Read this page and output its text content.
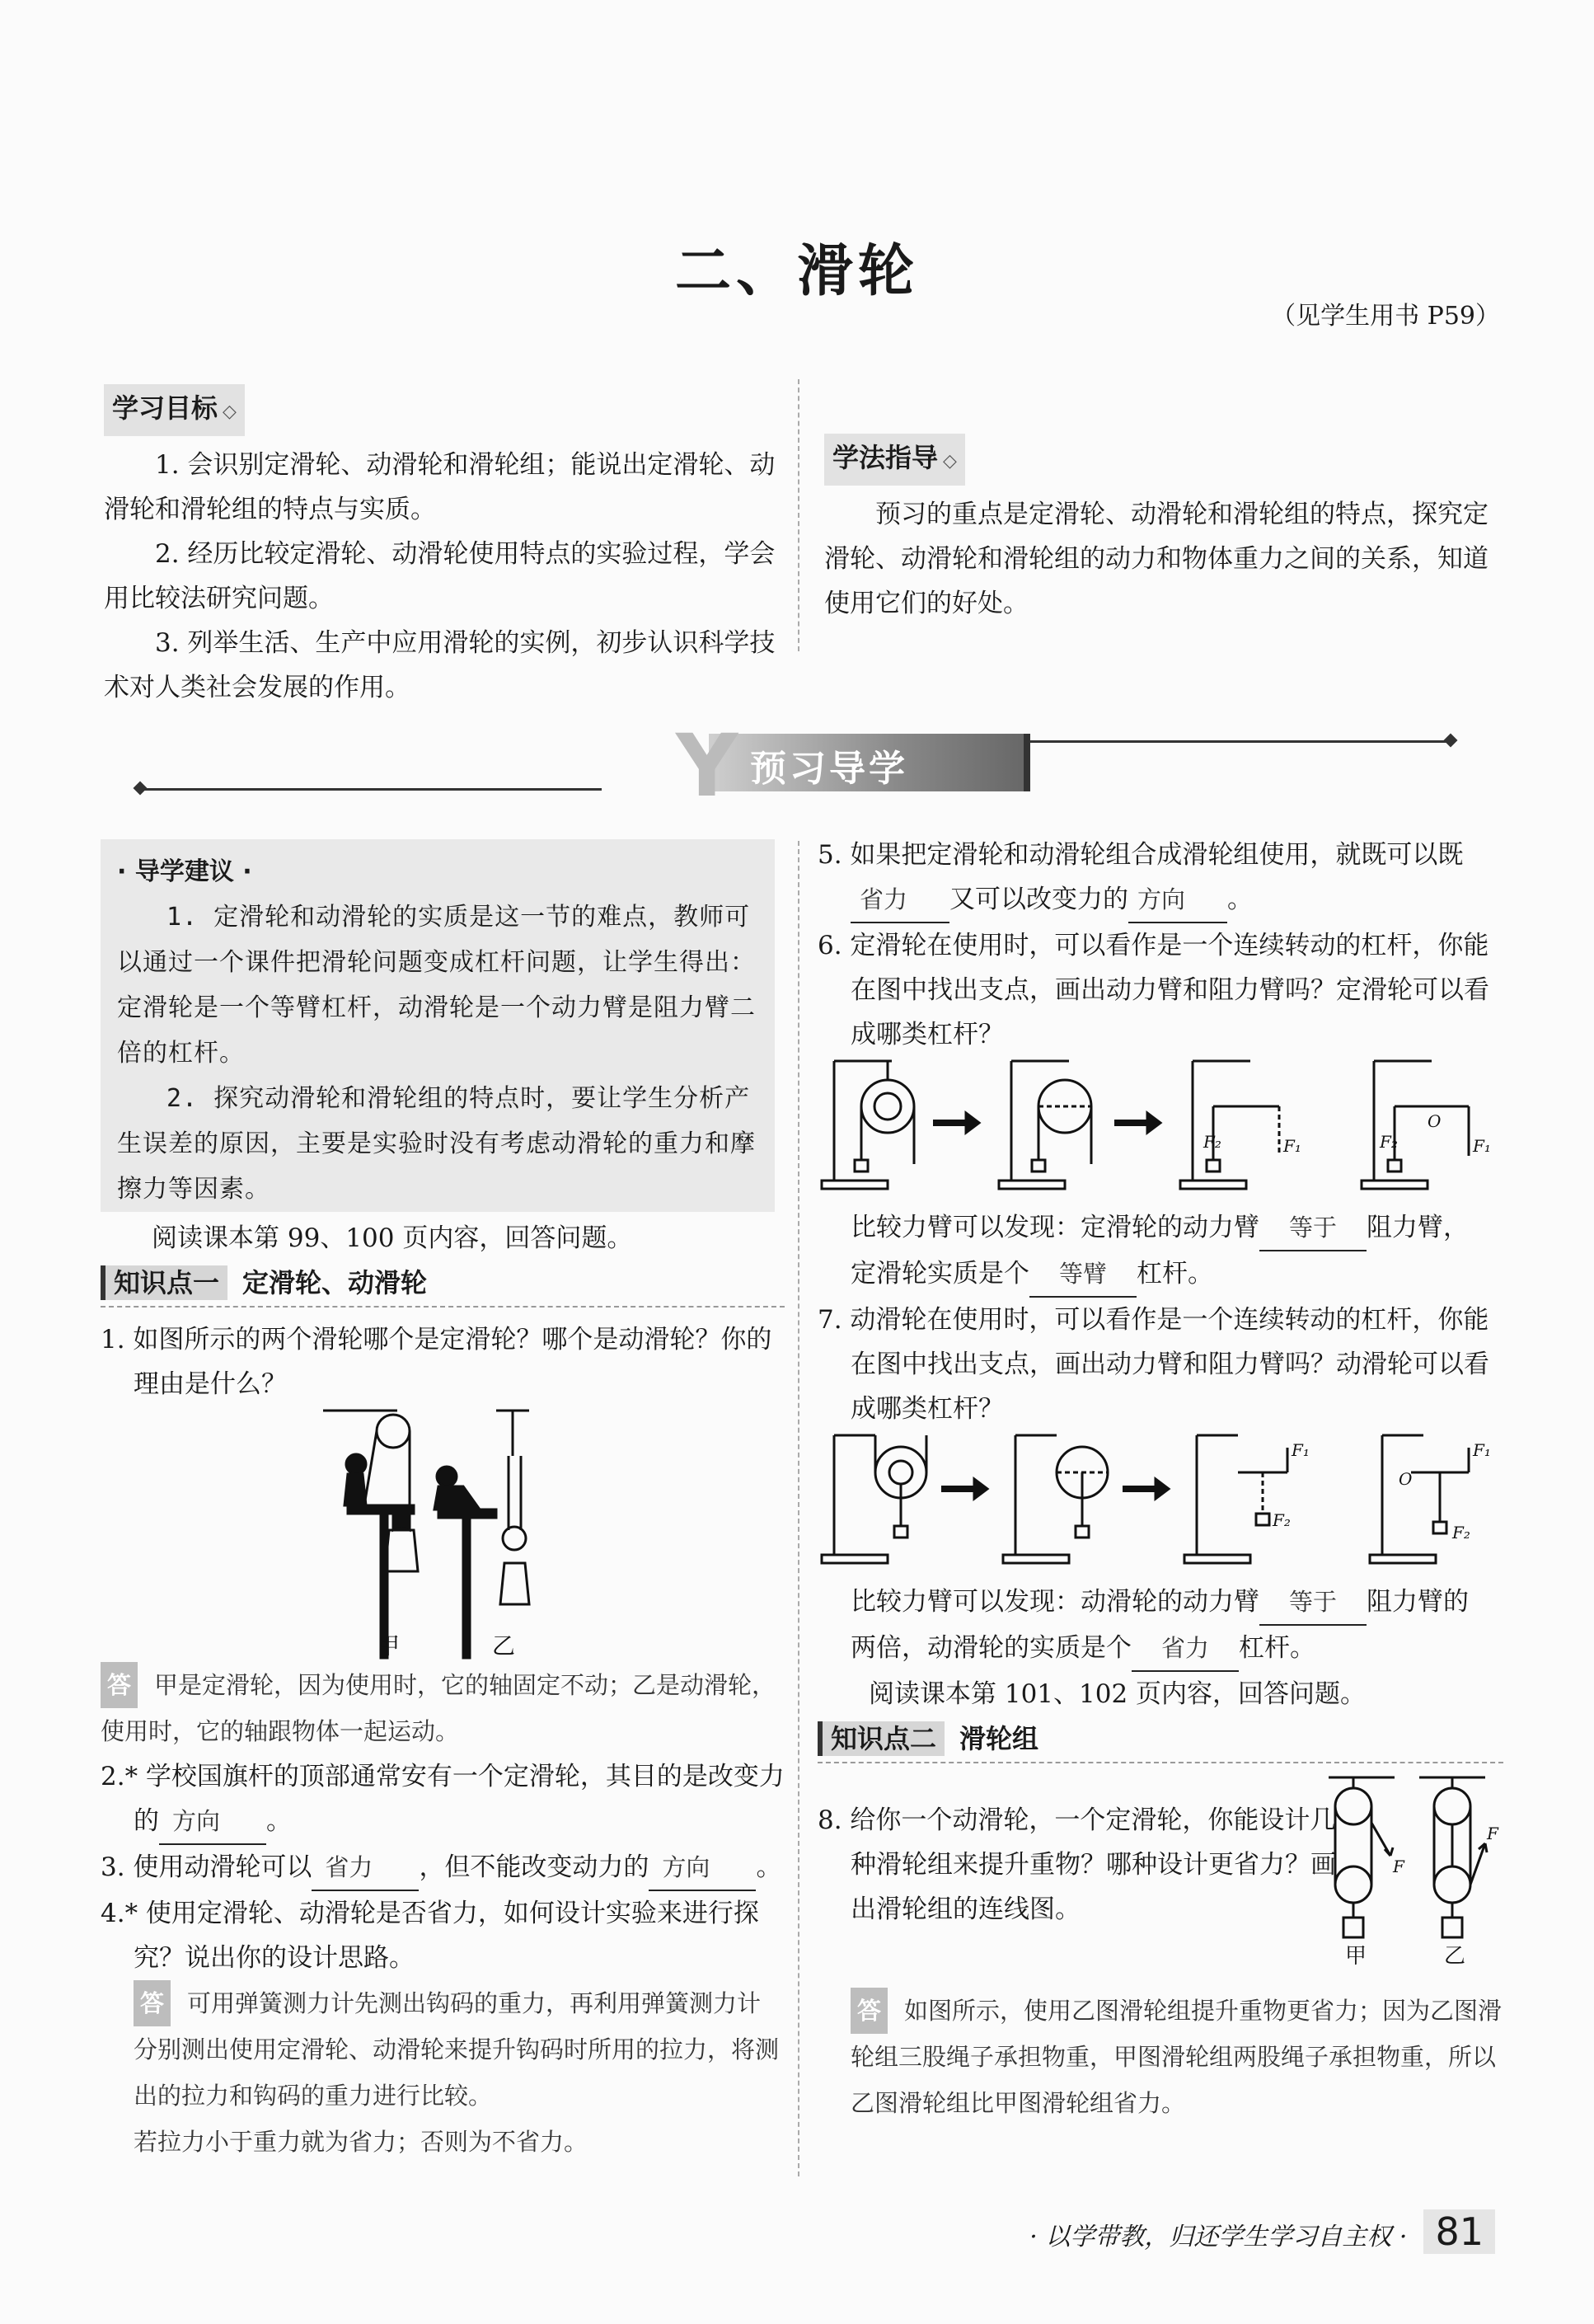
二、滑轮
（见学生用书 P59）
学习目标 ◇

1. 会识别定滑轮、动滑轮和滑轮组；能说出定滑轮、动滑轮和滑轮组的特点与实质。

2. 经历比较定滑轮、动滑轮使用特点的实验过程，学会用比较法研究问题。

3. 列举生活、生产中应用滑轮的实例，初步认识科学技术对人类社会发展的作用。

学法指导 ◇

预习的重点是定滑轮、动滑轮和滑轮组的特点，探究定滑轮、动滑轮和滑轮组的动力和物体重力之间的关系，知道使用它们的好处。

Y 预习导学
· 导学建议 ·

1. 定滑轮和动滑轮的实质是这一节的难点，教师可以通过一个课件把滑轮问题变成杠杆问题，让学生得出：定滑轮是一个等臂杠杆，动滑轮是一个动力臂是阻力臂二倍的杠杆。

2. 探究动滑轮和滑轮组的特点时，要让学生分析产生误差的原因，主要是实验时没有考虑动滑轮的重力和摩擦力等因素。

阅读课本第 99、100 页内容，回答问题。

知识点一 定滑轮、动滑轮

1. 如图所示的两个滑轮哪个是定滑轮？哪个是动滑轮？你的理由是什么？

甲	乙

答 甲是定滑轮，因为使用时，它的轴固定不动；乙是动滑轮，使用时，它的轴跟物体一起运动。

2.* 学校国旗杆的顶部通常安有一个定滑轮，其目的是改变力的 方向 。

3. 使用动滑轮可以 省力 ，但不能改变动力的 方向 。

4.* 使用定滑轮、动滑轮是否省力，如何设计实验来进行探究？说出你的设计思路。

答 可用弹簧测力计先测出钩码的重力，再利用弹簧测力计分别测出使用定滑轮、动滑轮来提升钩码时所用的拉力，将测出的拉力和钩码的重力进行比较。

若拉力小于重力就为省力；否则为不省力。

5. 如果把定滑轮和动滑轮组合成滑轮组使用，就既可以既省力 又可以改变力的 方向 。

6. 定滑轮在使用时，可以看作是一个连续转动的杠杆，你能在图中找出支点，画出动力臂和阻力臂吗？定滑轮可以看成哪类杠杆？

F₂	F₁	F₂	F₁
O

比较力臂可以发现：定滑轮的动力臂 等于 阻力臂，
定滑轮实质是个 等臂 杠杆。

7. 动滑轮在使用时，可以看作是一个连续转动的杠杆，你能在图中找出支点，画出动力臂和阻力臂吗？动滑轮可以看成哪类杠杆？

F₁
F₂
F₁
F₂
O

比较力臂可以发现：动滑轮的动力臂 等于 阻力臂的
两倍，动滑轮的实质是个 省力 杠杆。

阅读课本第 101、102 页内容，回答问题。

知识点二 滑轮组

8. 给你一个动滑轮，一个定滑轮，你能设计几种滑轮组来提升重物？哪种设计更省力？画出滑轮组的连线图。

F
F
甲	乙

答 如图所示，使用乙图滑轮组提升重物更省力；因为乙图滑轮组三股绳子承担物重，甲图滑轮组两股绳子承担物重，所以乙图滑轮组比甲图滑轮组省力。

· 以学带教，归还学生学习自主权 · 81
